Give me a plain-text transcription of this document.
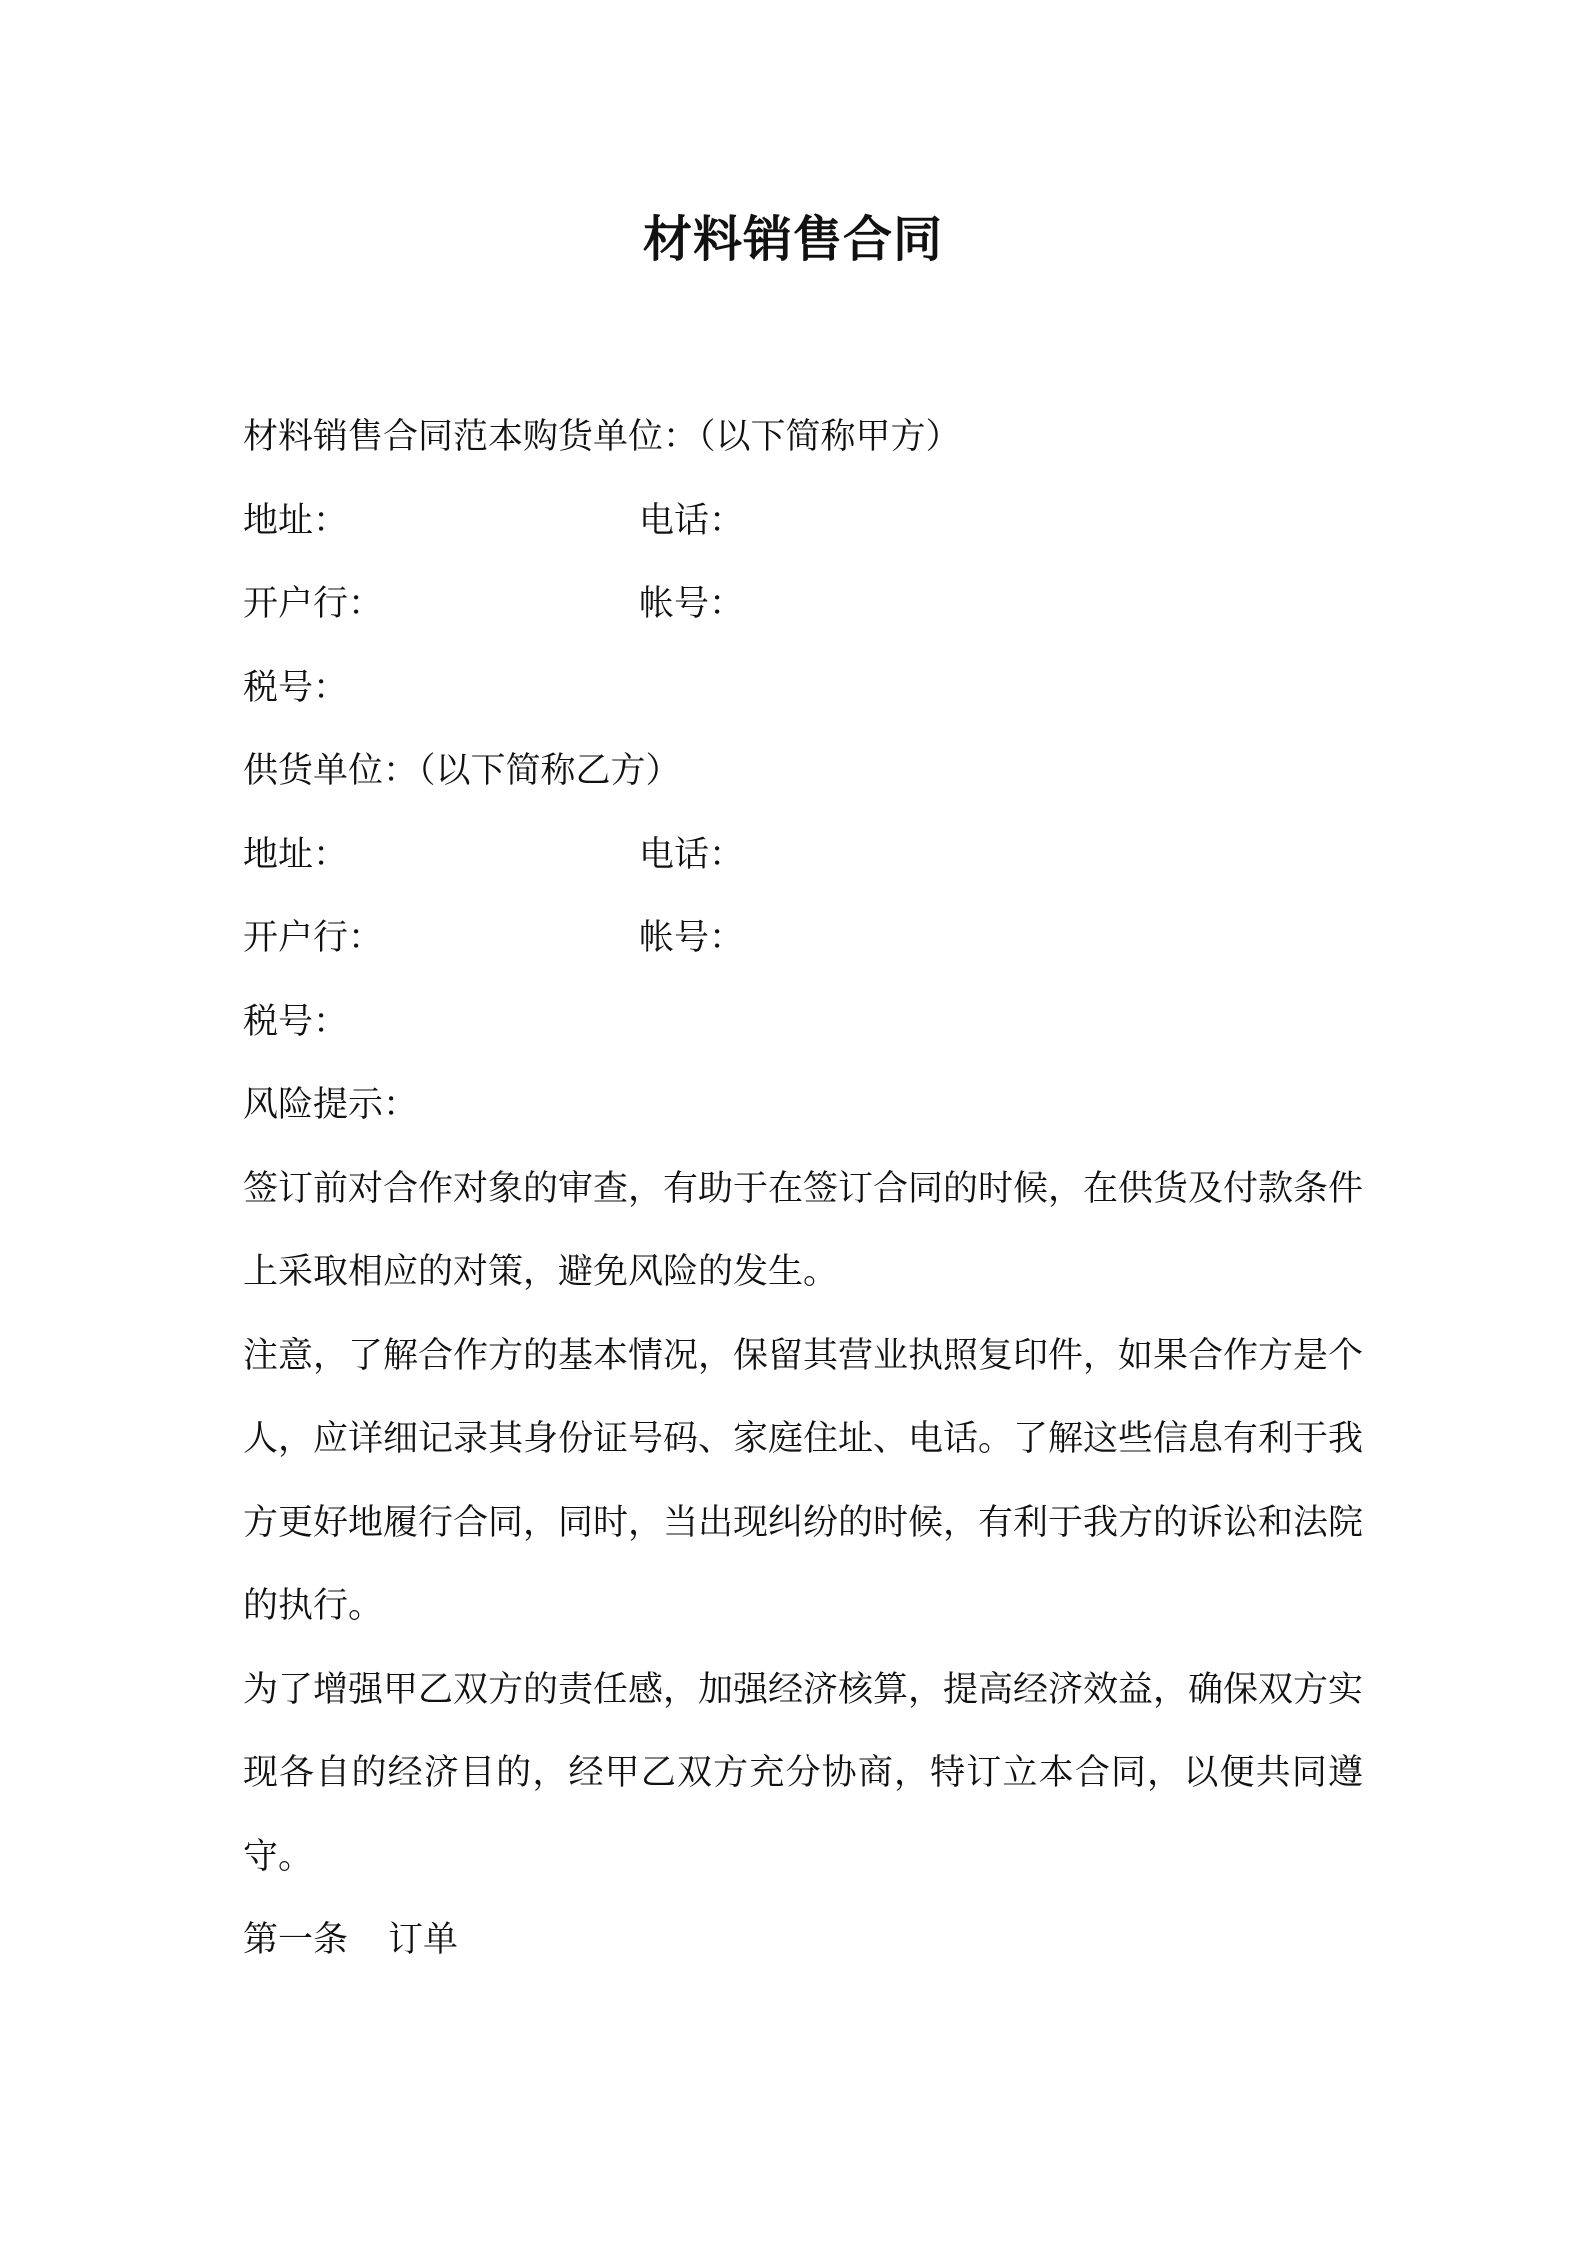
材料销售合同
材料销售合同范本购货单位：（以下简称甲方）
地址：	电话：
开户行：	帐号：
税号：
供货单位：（以下简称乙方）
地址：	电话：
开户行：	帐号：
税号：
风险提示：
签订前对合作对象的审查，有助于在签订合同的时候，在供货及付款条件上采取相应的对策，避免风险的发生。
注意，了解合作方的基本情况，保留其营业执照复印件，如果合作方是个人，应详细记录其身份证号码、家庭住址、电话。了解这些信息有利于我方更好地履行合同，同时，当出现纠纷的时候，有利于我方的诉讼和法院的执行。
为了增强甲乙双方的责任感，加强经济核算，提高经济效益，确保双方实现各自的经济目的，经甲乙双方充分协商，特订立本合同，以便共同遵守。
第一条 订单
